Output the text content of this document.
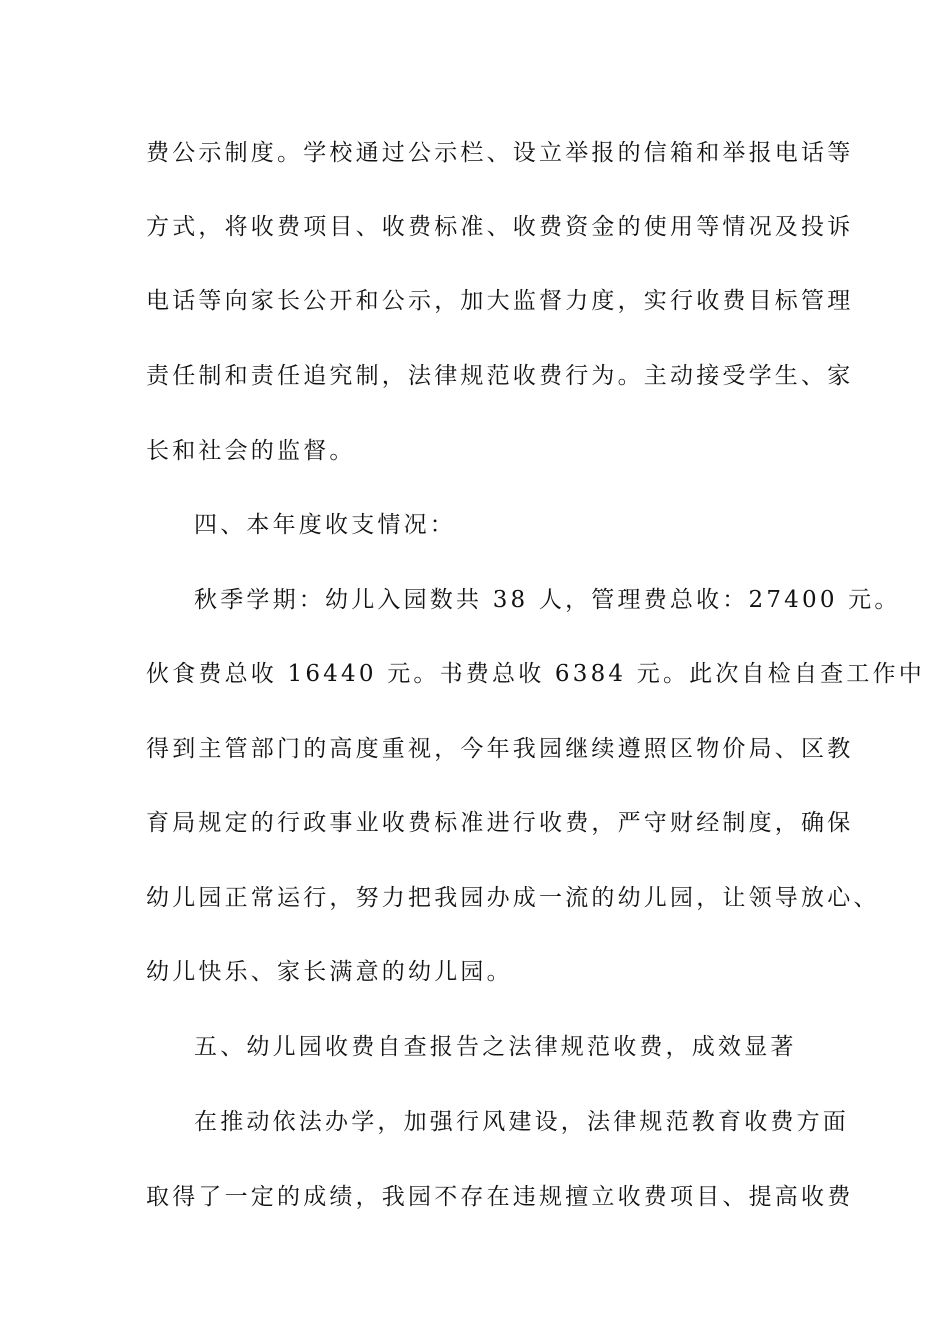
费公示制度。学校通过公示栏、设立举报的信箱和举报电话等
方式，将收费项目、收费标准、收费资金的使用等情况及投诉
电话等向家长公开和公示，加大监督力度，实行收费目标管理
责任制和责任追究制，法律规范收费行为。主动接受学生、家
长和社会的监督。
四、本年度收支情况：
秋季学期：幼儿入园数共 38 人，管理费总收：27400 元。
伙食费总收 16440 元。书费总收 6384 元。此次自检自查工作中
得到主管部门的高度重视，今年我园继续遵照区物价局、区教
育局规定的行政事业收费标准进行收费，严守财经制度，确保
幼儿园正常运行，努力把我园办成一流的幼儿园，让领导放心、
幼儿快乐、家长满意的幼儿园。
五、幼儿园收费自查报告之法律规范收费，成效显著
在推动依法办学，加强行风建设，法律规范教育收费方面
取得了一定的成绩，我园不存在违规擅立收费项目、提高收费
